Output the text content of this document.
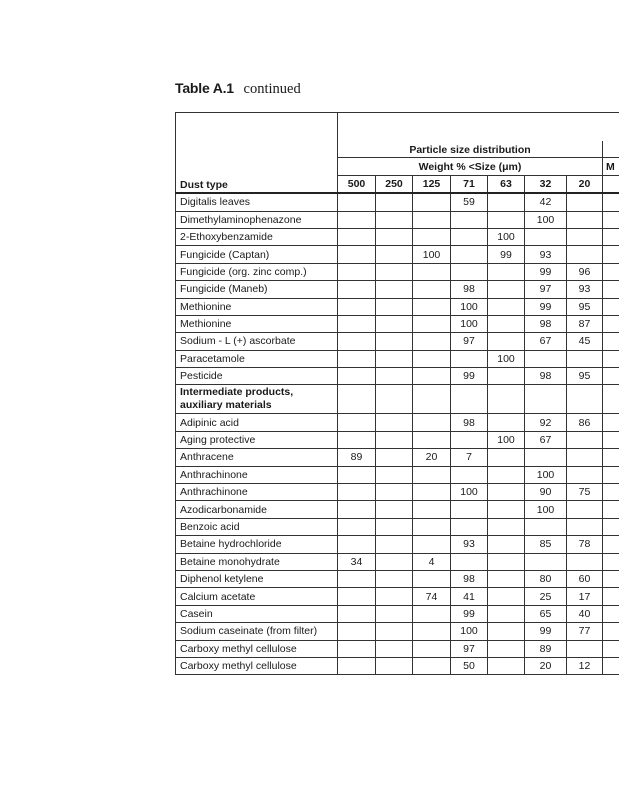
Table A.1 continued

	Particle size distribution							
	Weight % <Size (μm)							M
Dust type	500	250	125	71	63	32	20	
Digitalis leaves				59		42		
Dimethylaminophenazone						100		
2-Ethoxybenzamide					100			
Fungicide (Captan)			100		99	93		
Fungicide (org. zinc comp.)						99	96	
Fungicide (Maneb)				98		97	93	
Methionine				100		99	95	
Methionine				100		98	87	
Sodium - L (+) ascorbate				97		67	45	
Paracetamole					100			
Pesticide				99		98	95	
Intermediate products,
auxiliary materials								
Adipinic acid				98		92	86	
Aging protective					100	67		
Anthracene	89		20	7				
Anthrachinone						100		
Anthrachinone				100		90	75	
Azodicarbonamide						100		
Benzoic acid								
Betaine hydrochloride				93		85	78	
Betaine monohydrate	34		4					
Diphenol ketylene				98		80	60	
Calcium acetate			74	41		25	17	
Casein				99		65	40	
Sodium caseinate (from filter)				100		99	77	
Carboxy methyl cellulose				97		89		
Carboxy methyl cellulose				50		20	12	
